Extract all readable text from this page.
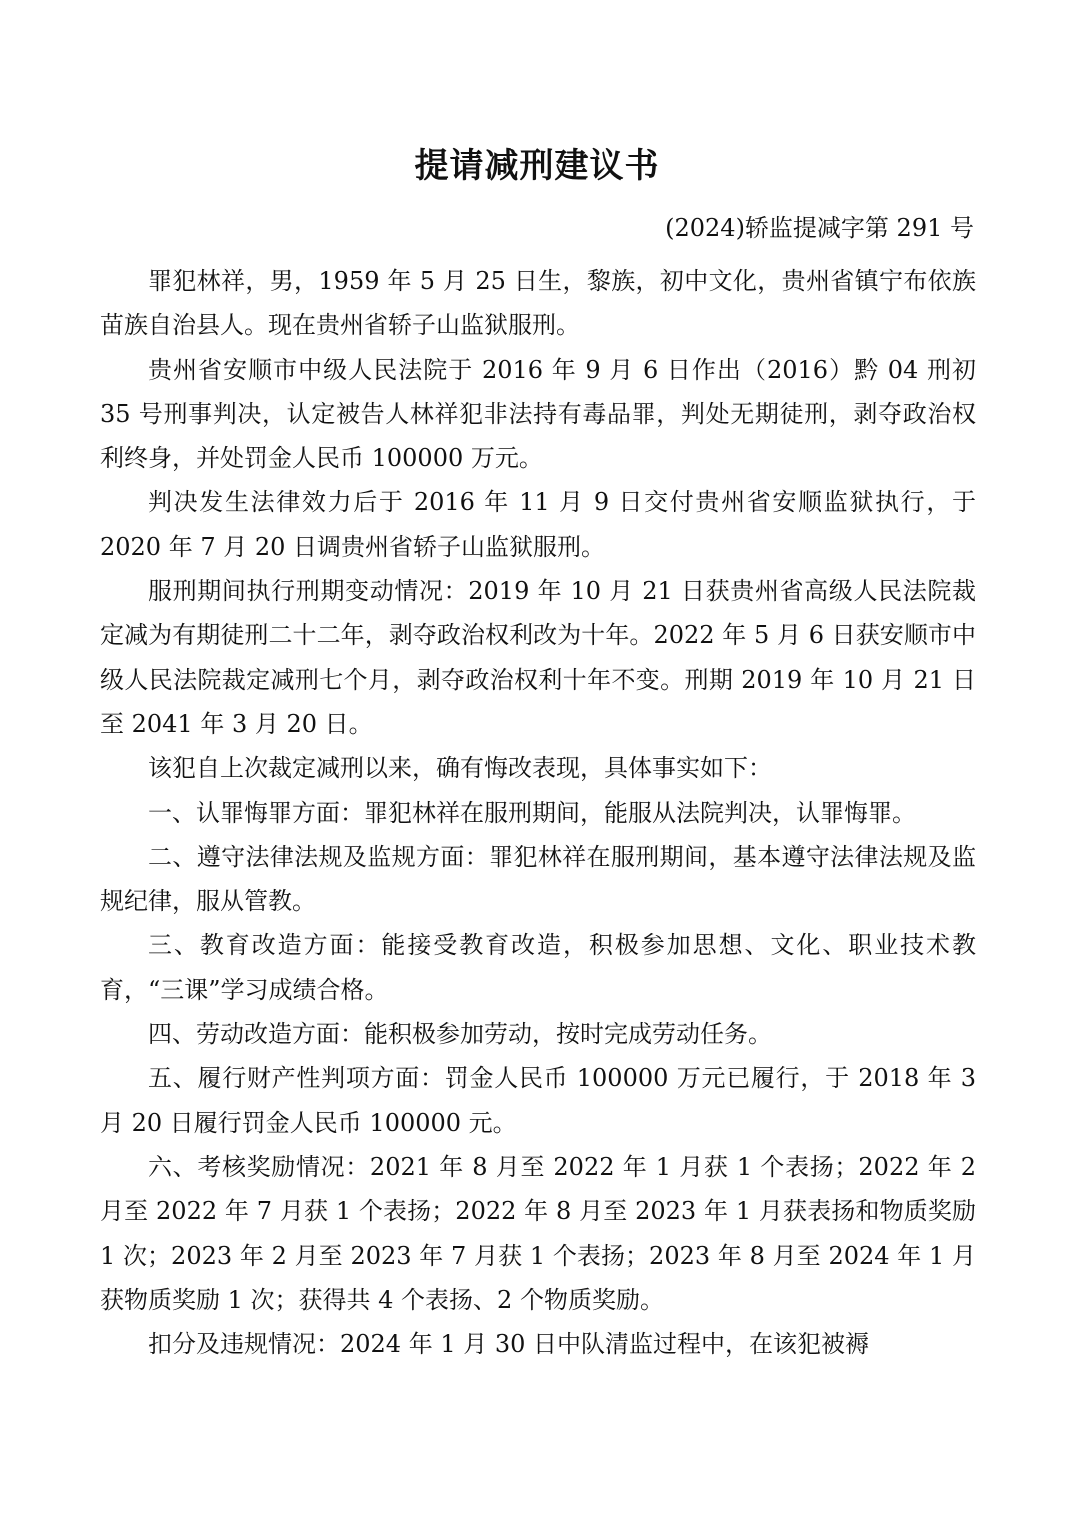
提请减刑建议书
(2024)轿监提减字第 291 号

罪犯林祥，男，1959 年 5 月 25 日生，黎族，初中文化，贵州省镇宁布依族苗族自治县人。现在贵州省轿子山监狱服刑。

贵州省安顺市中级人民法院于 2016 年 9 月 6 日作出（2016）黔 04 刑初 35 号刑事判决，认定被告人林祥犯非法持有毒品罪，判处无期徒刑，剥夺政治权利终身，并处罚金人民币 100000 万元。

判决发生法律效力后于 2016 年 11 月 9 日交付贵州省安顺监狱执行，于 2020 年 7 月 20 日调贵州省轿子山监狱服刑。

服刑期间执行刑期变动情况：2019 年 10 月 21 日获贵州省高级人民法院裁定减为有期徒刑二十二年，剥夺政治权利改为十年。2022 年 5 月 6 日获安顺市中级人民法院裁定减刑七个月，剥夺政治权利十年不变。刑期 2019 年 10 月 21 日至 2041 年 3 月 20 日。

该犯自上次裁定减刑以来，确有悔改表现，具体事实如下：

一、认罪悔罪方面：罪犯林祥在服刑期间，能服从法院判决，认罪悔罪。

二、遵守法律法规及监规方面：罪犯林祥在服刑期间，基本遵守法律法规及监规纪律，服从管教。

三、教育改造方面：能接受教育改造，积极参加思想、文化、职业技术教育，“三课”学习成绩合格。

四、劳动改造方面：能积极参加劳动，按时完成劳动任务。

五、履行财产性判项方面：罚金人民币 100000 万元已履行，于 2018 年 3 月 20 日履行罚金人民币 100000 元。

六、考核奖励情况：2021 年 8 月至 2022 年 1 月获 1 个表扬；2022 年 2 月至 2022 年 7 月获 1 个表扬；2022 年 8 月至 2023 年 1 月获表扬和物质奖励 1 次；2023 年 2 月至 2023 年 7 月获 1 个表扬；2023 年 8 月至 2024 年 1 月获物质奖励 1 次；获得共 4 个表扬、2 个物质奖励。

扣分及违规情况：2024 年 1 月 30 日中队清监过程中，在该犯被褥
